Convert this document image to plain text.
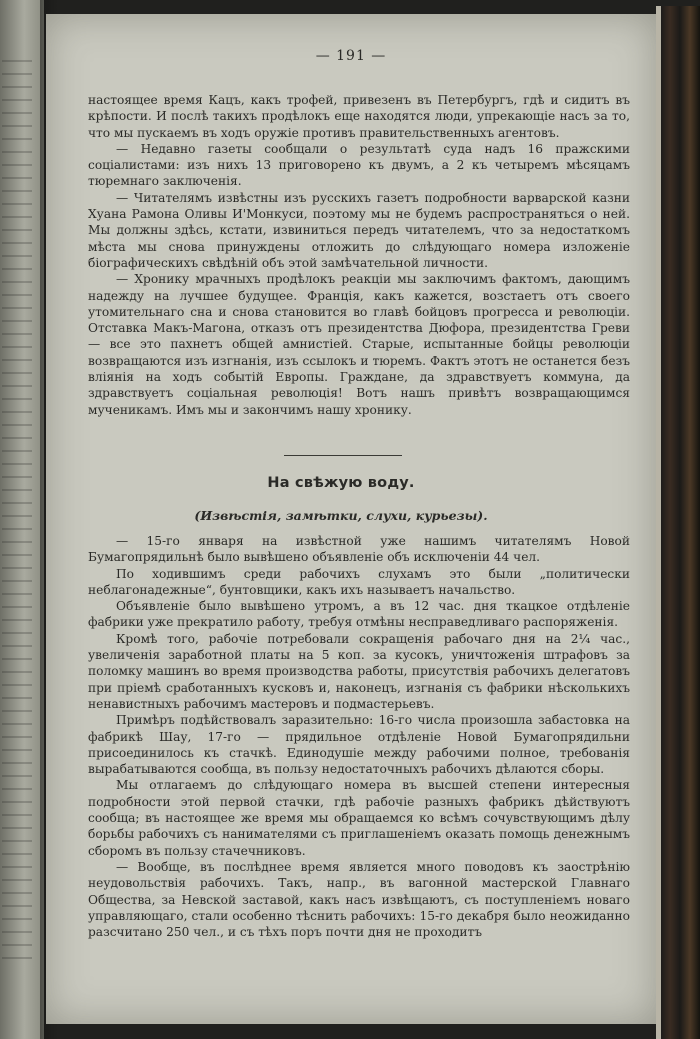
— 191 —

настоящее время Кацъ, какъ трофей, привезенъ въ Петербургъ, гдѣ и сидитъ въ крѣпости. И послѣ такихъ продѣлокъ еще находятся люди, упрекающіе насъ за то, что мы пускаемъ въ ходъ оружіе противъ правительственныхъ агентовъ.

— Недавно газеты сообщали о результатѣ суда надъ 16 пражскими соціалистами: изъ нихъ 13 приговорено къ двумъ, а 2 къ четыремъ мѣсяцамъ тюремнаго заключенія.

— Читателямъ извѣстны изъ русскихъ газетъ подробности варварской казни Хуана Рамона Оливы И'Монкуси, поэтому мы не будемъ распространяться о ней. Мы должны здѣсь, кстати, извиниться передъ читателемъ, что за недостаткомъ мѣста мы снова принуждены отложить до слѣдующаго номера изложеніе біографическихъ свѣдѣній объ этой замѣчательной личности.

— Хронику мрачныхъ продѣлокъ реакціи мы заключимъ фактомъ, дающимъ надежду на лучшее будущее. Франція, какъ кажется, возстаетъ отъ своего утомительнаго сна и снова становится во главѣ бойцовъ прогресса и революціи. Отставка Макъ-Магона, отказъ отъ президентства Дюфора, президентства Греви — все это пахнетъ общей амнистіей. Старые, испытанные бойцы революціи возвращаются изъ изгнанія, изъ ссылокъ и тюремъ. Фактъ этотъ не останется безъ вліянія на ходъ событій Европы. Граждане, да здравствуетъ коммуна, да здравствуетъ соціальная революція! Вотъ нашъ привѣтъ возвращающимся мученикамъ. Имъ мы и закончимъ нашу хронику.

На свѣжую воду.
(Извѣстія, замѣтки, слухи, курьезы).

— 15-го января на извѣстной уже нашимъ читателямъ Новой Бумагопрядильнѣ было вывѣшено объявленіе объ исключеніи 44 чел.

По ходившимъ среди рабочихъ слухамъ это были „политически неблагонадежные“, бунтовщики, какъ ихъ называетъ начальство.

Объявленіе было вывѣшено утромъ, а въ 12 час. дня ткацкое отдѣленіе фабрики уже прекратило работу, требуя отмѣны несправедливаго распоряженія.

Кромѣ того, рабочіе потребовали сокращенія рабочаго дня на 2¼ час., увеличенія заработной платы на 5 коп. за кусокъ, уничтоженія штрафовъ за поломку машинъ во время производства работы, присутствія рабочихъ делегатовъ при пріемѣ сработанныхъ кусковъ и, наконецъ, изгнанія съ фабрики нѣсколькихъ ненавистныхъ рабочимъ мастеровъ и подмастерьевъ.

Примѣръ подѣйствовалъ заразительно: 16-го числа произошла забастовка на фабрикѣ Шау, 17-го — прядильное отдѣленіе Новой Бумагопрядильни присоединилось къ стачкѣ. Единодушіе между рабочими полное, требованія вырабатываются сообща, въ пользу недостаточныхъ рабочихъ дѣлаются сборы.

Мы отлагаемъ до слѣдующаго номера въ высшей степени интересныя подробности этой первой стачки, гдѣ рабочіе разныхъ фабрикъ дѣйствуютъ сообща; въ настоящее же время мы обращаемся ко всѣмъ сочувствующимъ дѣлу борьбы рабочихъ съ нанимателями съ приглашеніемъ оказать помощь денежнымъ сборомъ въ пользу стачечниковъ.

— Вообще, въ послѣднее время является много поводовъ къ заострѣнію неудовольствія рабочихъ. Такъ, напр., въ вагонной мастерской Главнаго Общества, за Невской заставой, какъ насъ извѣщаютъ, съ поступленіемъ новаго управляющаго, стали особенно тѣснить рабочихъ: 15-го декабря было неожиданно разсчитано 250 чел., и съ тѣхъ поръ почти дня не проходитъ
